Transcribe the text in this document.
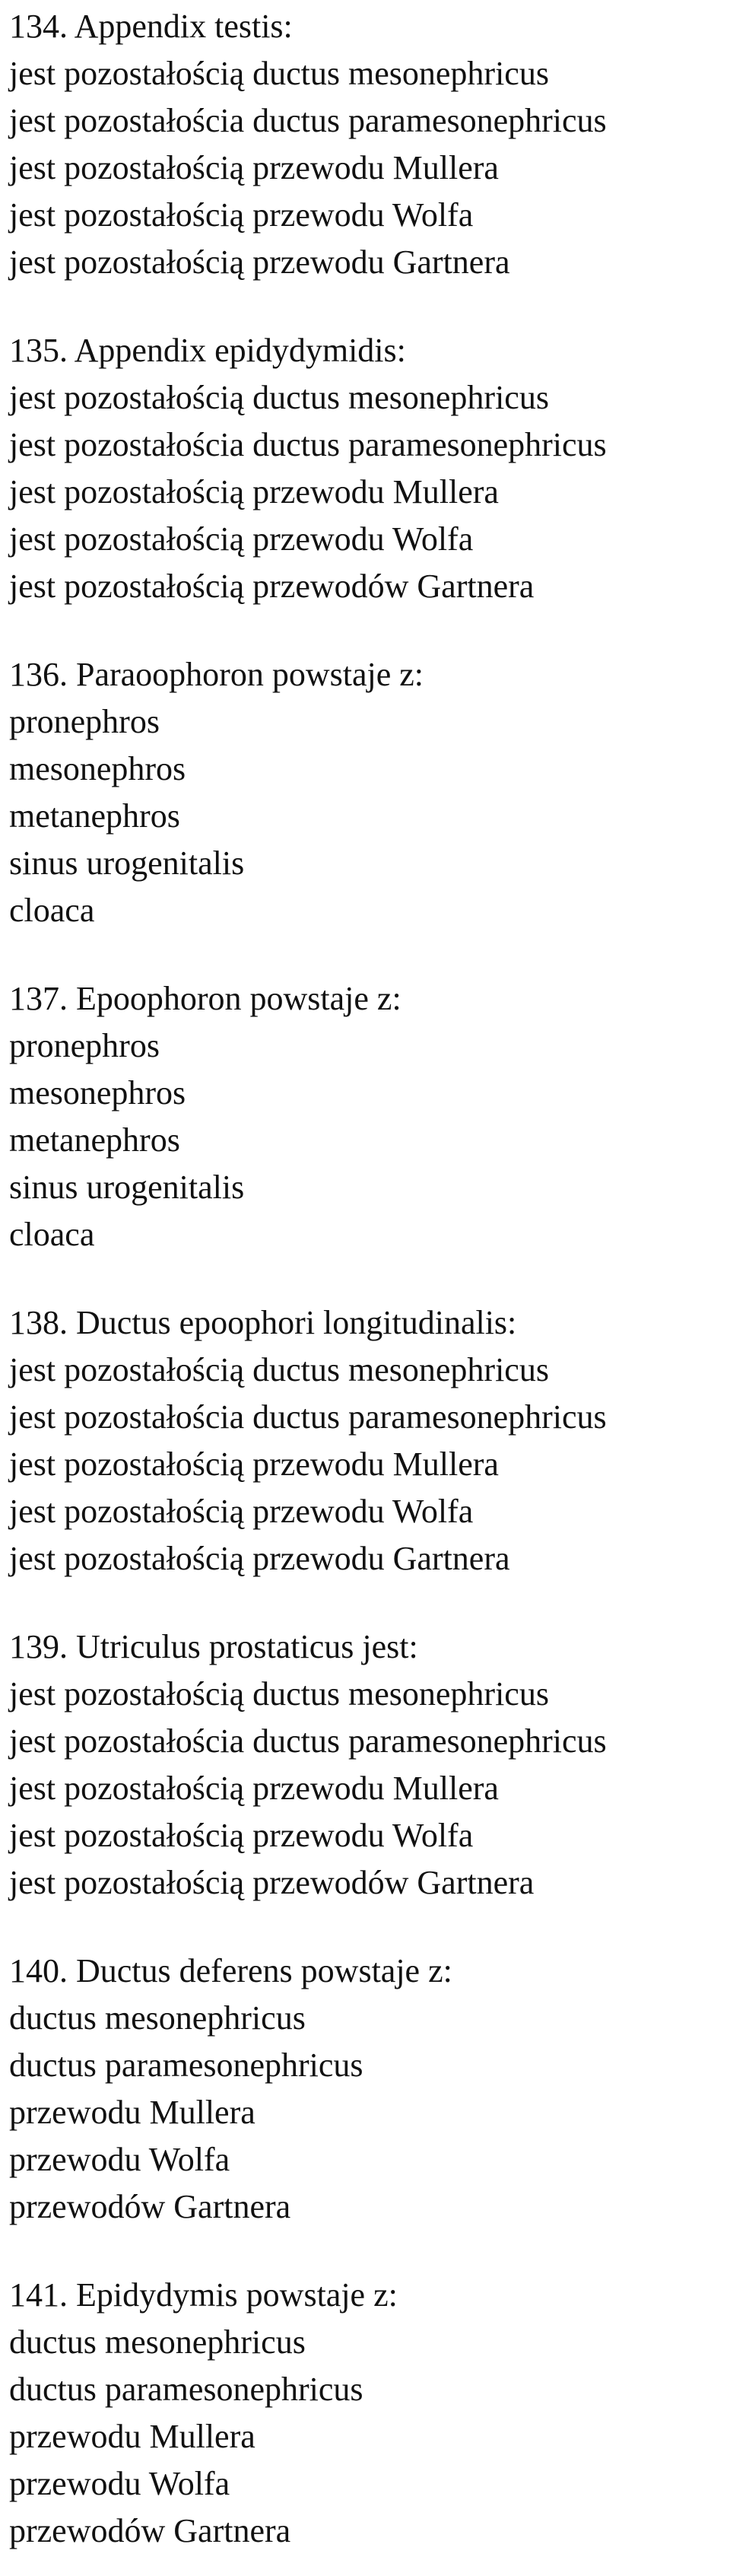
134. Appendix testis:
jest pozostałością ductus mesonephricus
jest pozostałościa ductus paramesonephricus
jest pozostałością przewodu Mullera
jest pozostałością przewodu Wolfa
jest pozostałością przewodu Gartnera
135. Appendix epidydymidis:
jest pozostałością ductus mesonephricus
jest pozostałościa ductus paramesonephricus
jest pozostałością przewodu Mullera
jest pozostałością przewodu Wolfa
jest pozostałością przewodów Gartnera
136. Paraoophoron powstaje z:
pronephros
mesonephros
metanephros
sinus urogenitalis
cloaca
137. Epoophoron powstaje z:
pronephros
mesonephros
metanephros
sinus urogenitalis
cloaca
138. Ductus epoophori longitudinalis:
jest pozostałością ductus mesonephricus
jest pozostałościa ductus paramesonephricus
jest pozostałością przewodu Mullera
jest pozostałością przewodu Wolfa
jest pozostałością przewodu Gartnera
139. Utriculus prostaticus jest:
jest pozostałością ductus mesonephricus
jest pozostałościa ductus paramesonephricus
jest pozostałością przewodu Mullera
jest pozostałością przewodu Wolfa
jest pozostałością przewodów Gartnera
140. Ductus deferens powstaje z:
ductus mesonephricus
ductus paramesonephricus
przewodu Mullera
przewodu Wolfa
przewodów Gartnera
141. Epidydymis powstaje z:
ductus mesonephricus
ductus paramesonephricus
przewodu Mullera
przewodu Wolfa
przewodów Gartnera
